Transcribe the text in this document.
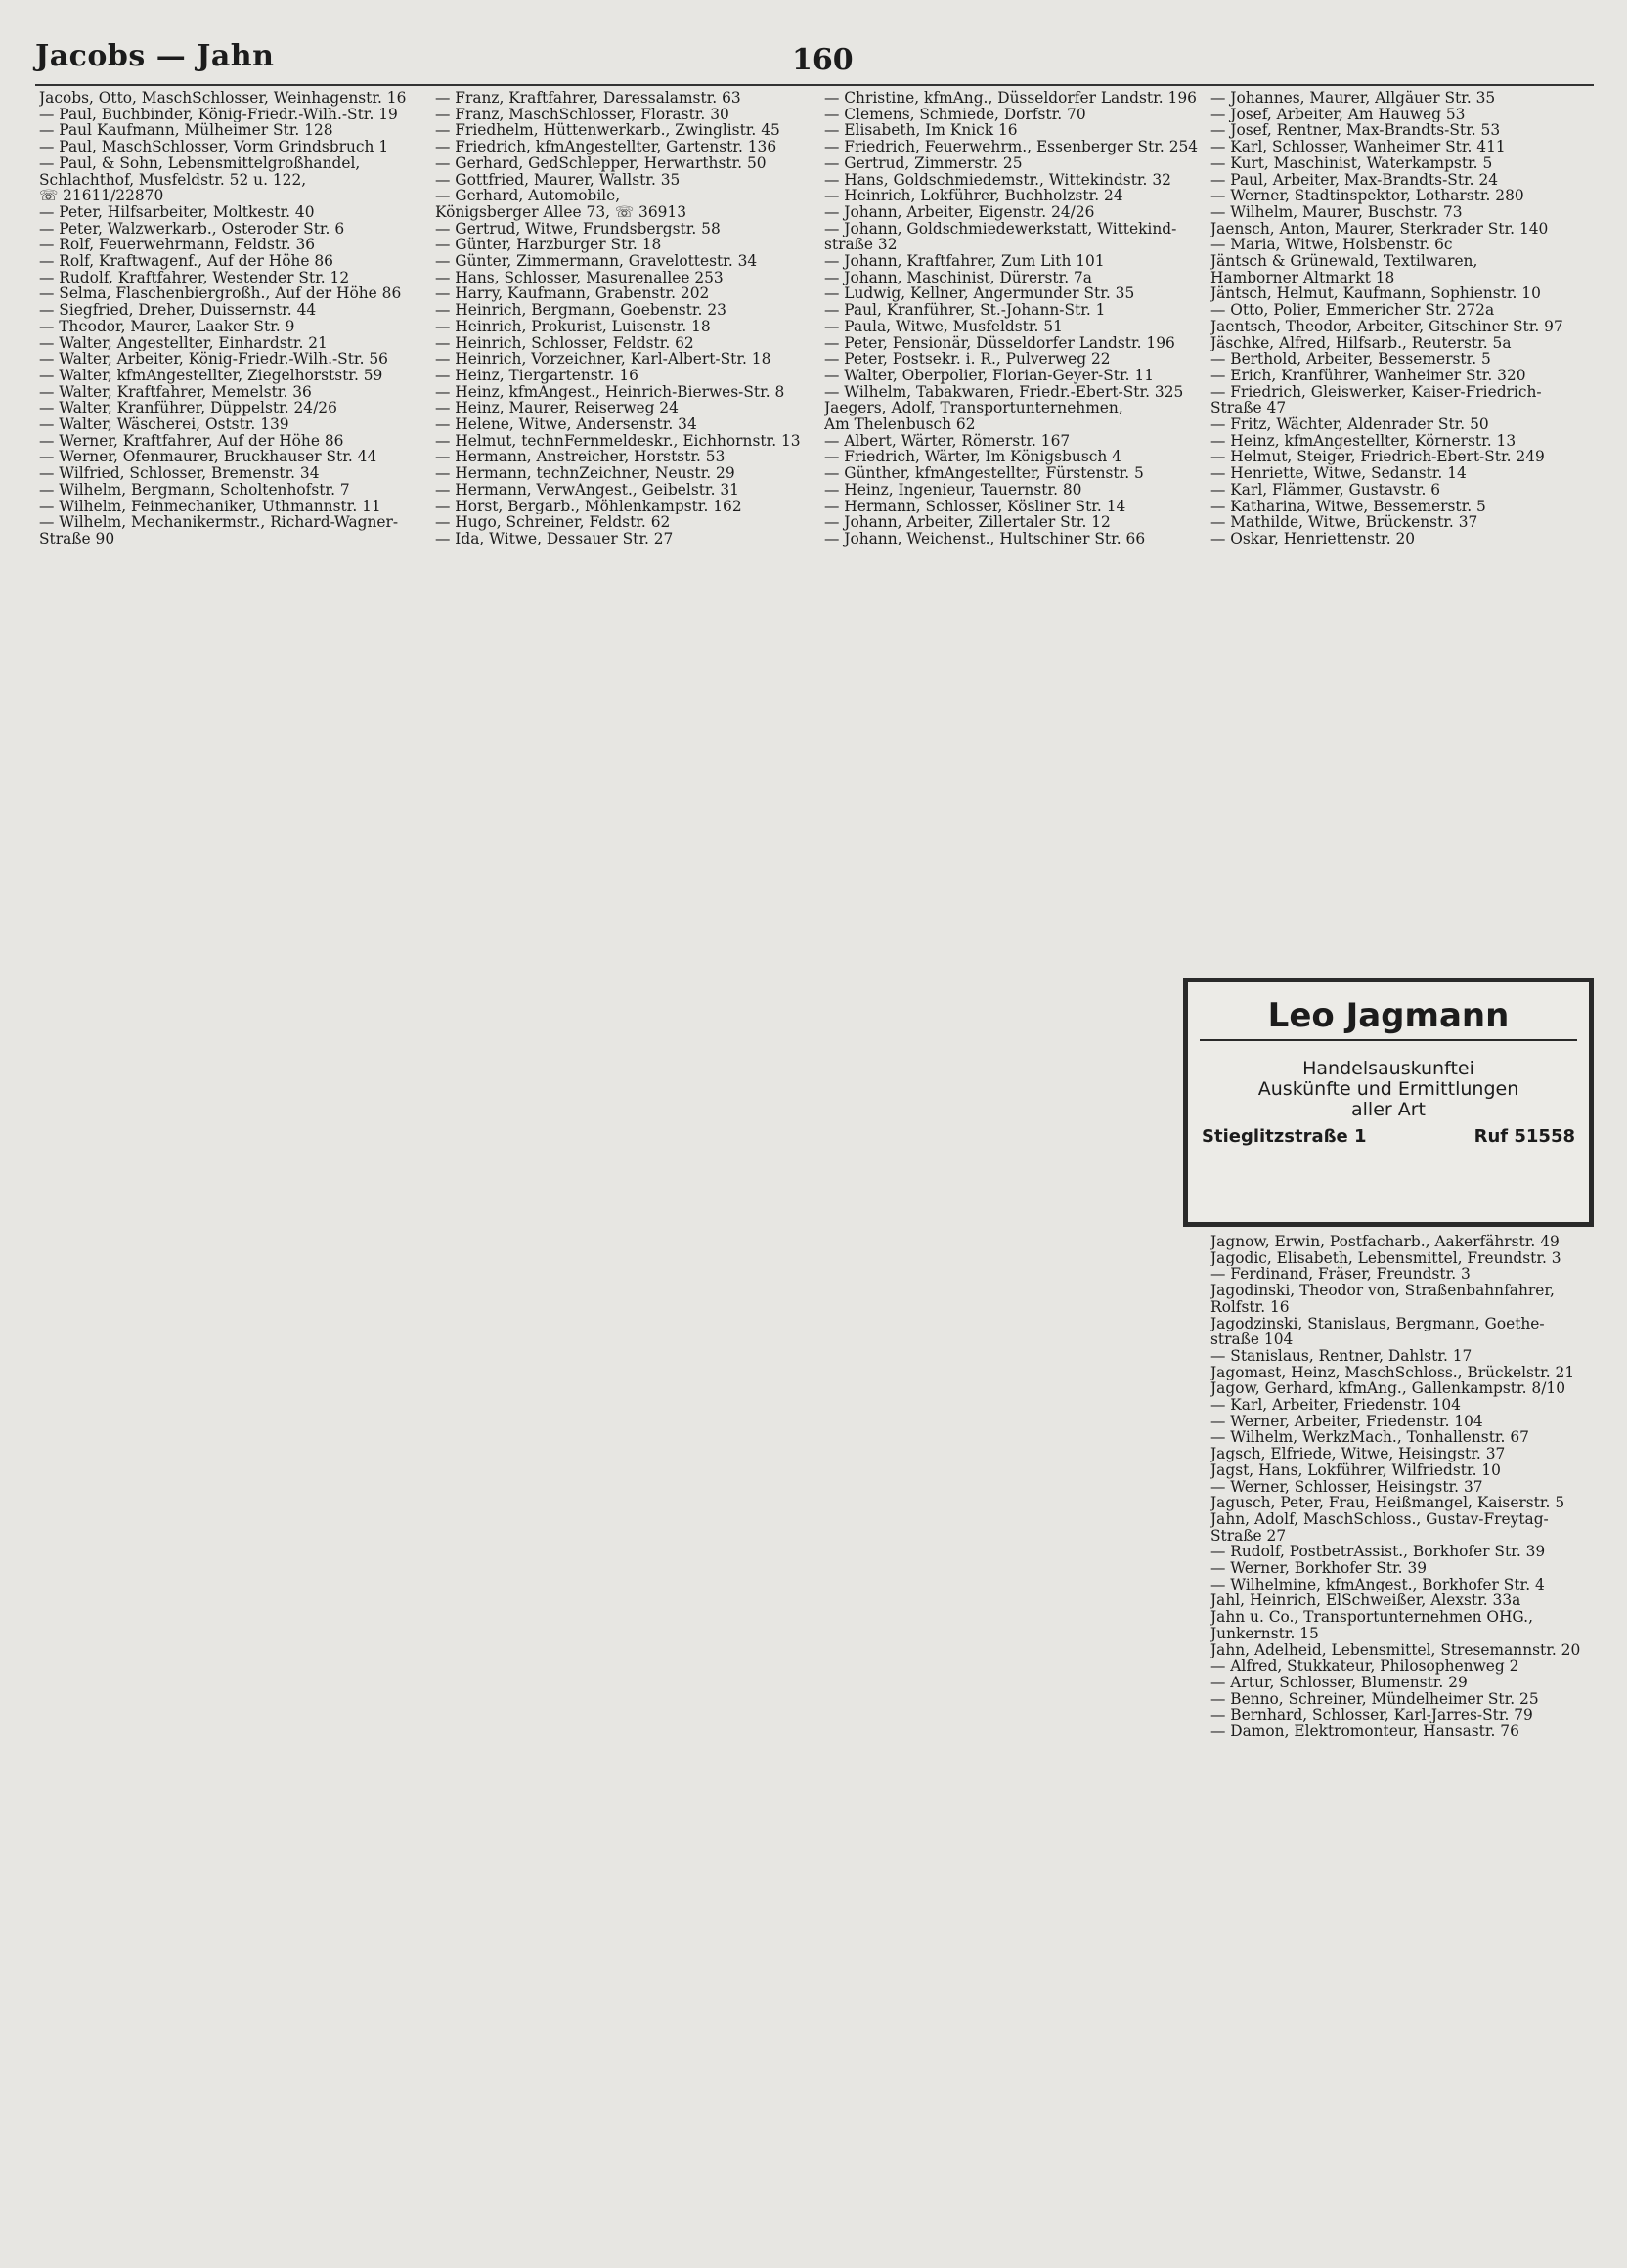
Jacobs — Jahn	160
Jacobs, Otto, MaschSchlosser, Weinhagenstr. 16
— Paul, Buchbinder, König-Friedr.-Wilh.-Str. 19
— Paul Kaufmann, Mülheimer Str. 128
— Paul, MaschSchlosser, Vorm Grindsbruch 1
— Paul, & Sohn, Lebensmittelgroßhandel,
Schlachthof, Musfeldstr. 52 u. 122,
☏ 21611/22870
— Peter, Hilfsarbeiter, Moltkestr. 40
— Peter, Walzwerkarb., Osteroder Str. 6
— Rolf, Feuerwehrmann, Feldstr. 36
— Rolf, Kraftwagenf., Auf der Höhe 86
— Rudolf, Kraftfahrer, Westender Str. 12
— Selma, Flaschenbiergroßh., Auf der Höhe 86
— Siegfried, Dreher, Duissernstr. 44
— Theodor, Maurer, Laaker Str. 9
— Walter, Angestellter, Einhardstr. 21
— Walter, Arbeiter, König-Friedr.-Wilh.-Str. 56
— Walter, kfmAngestellter, Ziegelhorststr. 59
— Walter, Kraftfahrer, Memelstr. 36
— Walter, Kranführer, Düppelstr. 24/26
— Walter, Wäscherei, Oststr. 139
— Werner, Kraftfahrer, Auf der Höhe 86
— Werner, Ofenmaurer, Bruckhauser Str. 44
— Wilfried, Schlosser, Bremenstr. 34
— Wilhelm, Bergmann, Scholtenhofstr. 7
— Wilhelm, Feinmechaniker, Uthmannstr. 11
— Wilhelm, Mechanikermstr., Richard-Wagner-
Straße 90
— Franz, Kraftfahrer, Daressalamstr. 63
— Franz, MaschSchlosser, Florastr. 30
— Friedhelm, Hüttenwerkarb., Zwinglistr. 45
— Friedrich, kfmAngestellter, Gartenstr. 136
— Gerhard, GedSchlepper, Herwarthstr. 50
— Gottfried, Maurer, Wallstr. 35
— Gerhard, Automobile,
Königsberger Allee 73, ☏ 36913
— Gertrud, Witwe, Frundsbergstr. 58
— Günter, Harzburger Str. 18
— Günter, Zimmermann, Gravelottestr. 34
— Hans, Schlosser, Masurenallee 253
— Harry, Kaufmann, Grabenstr. 202
— Heinrich, Bergmann, Goebenstr. 23
— Heinrich, Prokurist, Luisenstr. 18
— Heinrich, Schlosser, Feldstr. 62
— Heinrich, Vorzeichner, Karl-Albert-Str. 18
— Heinz, Tiergartenstr. 16
— Heinz, kfmAngest., Heinrich-Bierwes-Str. 8
— Heinz, Maurer, Reiserweg 24
— Helene, Witwe, Andersenstr. 34
— Helmut, technFernmeldeskr., Eichhornstr. 13
— Hermann, Anstreicher, Horststr. 53
— Hermann, technZeichner, Neustr. 29
— Hermann, VerwAngest., Geibelstr. 31
— Horst, Bergarb., Möhlenkampstr. 162
— Hugo, Schreiner, Feldstr. 62
— Ida, Witwe, Dessauer Str. 27
— Christine, kfmAng., Düsseldorfer Landstr. 196
— Clemens, Schmiede, Dorfstr. 70
— Elisabeth, Im Knick 16
— Friedrich, Feuerwehrm., Essenberger Str. 254
— Gertrud, Zimmerstr. 25
— Hans, Goldschmiedemstr., Wittekindstr. 32
— Heinrich, Lokführer, Buchholzstr. 24
— Johann, Arbeiter, Eigenstr. 24/26
— Johann, Goldschmiedewerkstatt, Wittekind-
straße 32
— Johann, Kraftfahrer, Zum Lith 101
— Johann, Maschinist, Dürerstr. 7a
— Ludwig, Kellner, Angermunder Str. 35
— Paul, Kranführer, St.-Johann-Str. 1
— Paula, Witwe, Musfeldstr. 51
— Peter, Pensionär, Düsseldorfer Landstr. 196
— Peter, Postsekr. i. R., Pulverweg 22
— Walter, Oberpolier, Florian-Geyer-Str. 11
— Wilhelm, Tabakwaren, Friedr.-Ebert-Str. 325
Jaegers, Adolf, Transportunternehmen,
Am Thelenbusch 62
— Albert, Wärter, Römerstr. 167
— Friedrich, Wärter, Im Königsbusch 4
— Günther, kfmAngestellter, Fürstenstr. 5
— Heinz, Ingenieur, Tauernstr. 80
— Hermann, Schlosser, Kösliner Str. 14
— Johann, Arbeiter, Zillertaler Str. 12
— Johann, Weichenst., Hultschiner Str. 66
— Johannes, Maurer, Allgäuer Str. 35
— Josef, Arbeiter, Am Hauweg 53
— Josef, Rentner, Max-Brandts-Str. 53
— Karl, Schlosser, Wanheimer Str. 411
— Kurt, Maschinist, Waterkampstr. 5
— Paul, Arbeiter, Max-Brandts-Str. 24
— Werner, Stadtinspektor, Lotharstr. 280
— Wilhelm, Maurer, Buschstr. 73
Jaensch, Anton, Maurer, Sterkrader Str. 140
— Maria, Witwe, Holsbenstr. 6c
Jäntsch & Grünewald, Textilwaren,
Hamborner Altmarkt 18
Jäntsch, Helmut, Kaufmann, Sophienstr. 10
— Otto, Polier, Emmericher Str. 272a
Jaentsch, Theodor, Arbeiter, Gitschiner Str. 97
Jäschke, Alfred, Hilfsarb., Reuterstr. 5a
— Berthold, Arbeiter, Bessemerstr. 5
— Erich, Kranführer, Wanheimer Str. 320
— Friedrich, Gleiswerker, Kaiser-Friedrich-
Straße 47
— Fritz, Wächter, Aldenrader Str. 50
— Heinz, kfmAngestellter, Körnerstr. 13
— Helmut, Steiger, Friedrich-Ebert-Str. 249
— Henriette, Witwe, Sedanstr. 14
— Karl, Flämmer, Gustavstr. 6
— Katharina, Witwe, Bessemerstr. 5
— Mathilde, Witwe, Brückenstr. 37
— Oskar, Henriettenstr. 20
Leo Jagmann
Handelsauskunftei
Auskünfte und Ermittlungen
aller Art
Stieglitzstraße 1	Ruf 51558
Jagnow, Erwin, Postfacharb., Aakerfährstr. 49
Jagodic, Elisabeth, Lebensmittel, Freundstr. 3
— Ferdinand, Fräser, Freundstr. 3
Jagodinski, Theodor von, Straßenbahnfahrer,
Rolfstr. 16
Jagodzinski, Stanislaus, Bergmann, Goethe-
straße 104
— Stanislaus, Rentner, Dahlstr. 17
Jagomast, Heinz, MaschSchloss., Brückelstr. 21
Jagow, Gerhard, kfmAng., Gallenkampstr. 8/10
— Karl, Arbeiter, Friedenstr. 104
— Werner, Arbeiter, Friedenstr. 104
— Wilhelm, WerkzMach., Tonhallenstr. 67
Jagsch, Elfriede, Witwe, Heisingstr. 37
Jagst, Hans, Lokführer, Wilfriedstr. 10
— Werner, Schlosser, Heisingstr. 37
Jagusch, Peter, Frau, Heißmangel, Kaiserstr. 5
Jahn, Adolf, MaschSchloss., Gustav-Freytag-
Straße 27
— Rudolf, PostbetrAssist., Borkhofer Str. 39
— Werner, Borkhofer Str. 39
— Wilhelmine, kfmAngest., Borkhofer Str. 4
Jahl, Heinrich, ElSchweißer, Alexstr. 33a
Jahn u. Co., Transportunternehmen OHG.,
Junkernstr. 15
Jahn, Adelheid, Lebensmittel, Stresemannstr. 20
— Alfred, Stukkateur, Philosophenweg 2
— Artur, Schlosser, Blumenstr. 29
— Benno, Schreiner, Mündelheimer Str. 25
— Bernhard, Schlosser, Karl-Jarres-Str. 79
— Damon, Elektromonteur, Hansastr. 76
